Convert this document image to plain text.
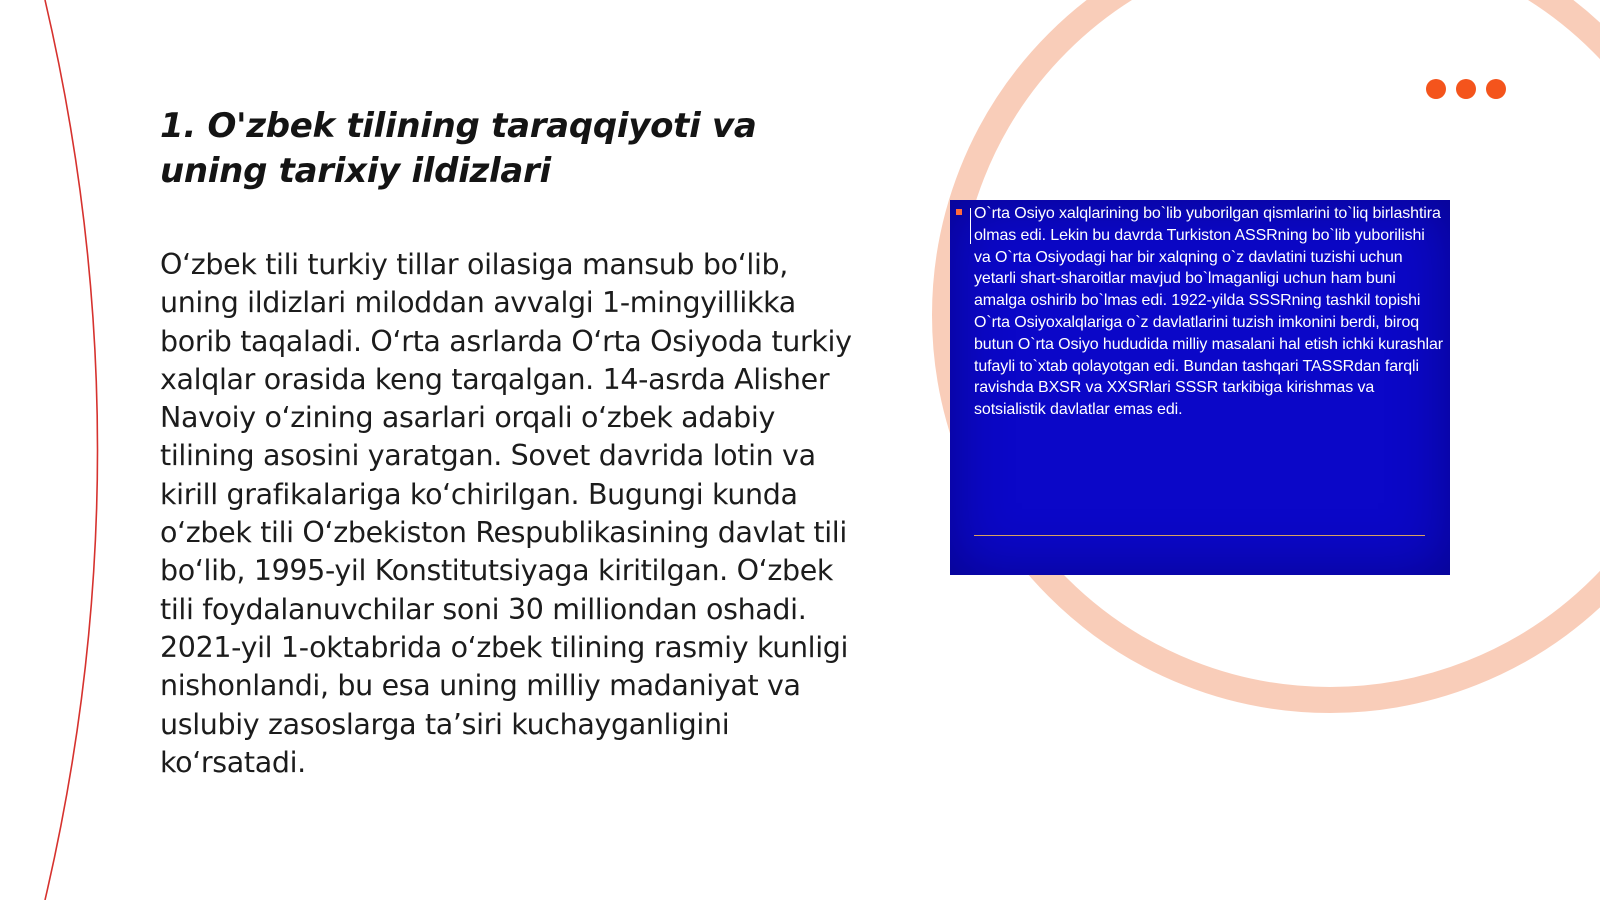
1. O'zbek tilining taraqqiyoti va uning tarixiy ildizlari

O‘zbek tili turkiy tillar oilasiga mansub bo‘lib, uning ildizlari miloddan avvalgi 1-mingyillikka borib taqaladi. O‘rta asrlarda O‘rta Osiyoda turkiy xalqlar orasida keng tarqalgan. 14-asrda Alisher Navoiy o‘zining asarlari orqali o‘zbek adabiy tilining asosini yaratgan. Sovet davrida lotin va kirill grafikalariga ko‘chirilgan. Bugungi kunda o‘zbek tili O‘zbekiston Respublikasining davlat tili bo‘lib, 1995-yil Konstitutsiyaga kiritilgan. O‘zbek tili foydalanuvchilar soni 30 milliondan oshadi. 2021-yil 1-oktabrida o‘zbek tilining rasmiy kunligi nishonlandi, bu esa uning milliy madaniyat va uslubiy zasoslarga ta’siri kuchayganligini ko‘rsatadi.

O`rta Osiyo xalqlarining bo`lib yuborilgan qismlarini to`liq birlashtira olmas edi. Lekin bu davrda Turkiston ASSRning bo`lib yuborilishi va O`rta Osiyodagi har bir xalqning o`z davlatini tuzishi uchun yetarli shart-sharoitlar mavjud bo`lmaganligi uchun ham buni amalga oshirib bo`lmas edi. 1922-yilda SSSRning tashkil topishi O`rta Osiyoxalqlariga o`z davlatlarini tuzish imkonini berdi, biroq butun O`rta Osiyo hududida milliy masalani hal etish ichki kurashlar tufayli to`xtab qolayotgan edi. Bundan tashqari TASSRdan farqli ravishda BXSR va XXSRlari SSSR tarkibiga kirishmas va sotsialistik davlatlar emas edi.
